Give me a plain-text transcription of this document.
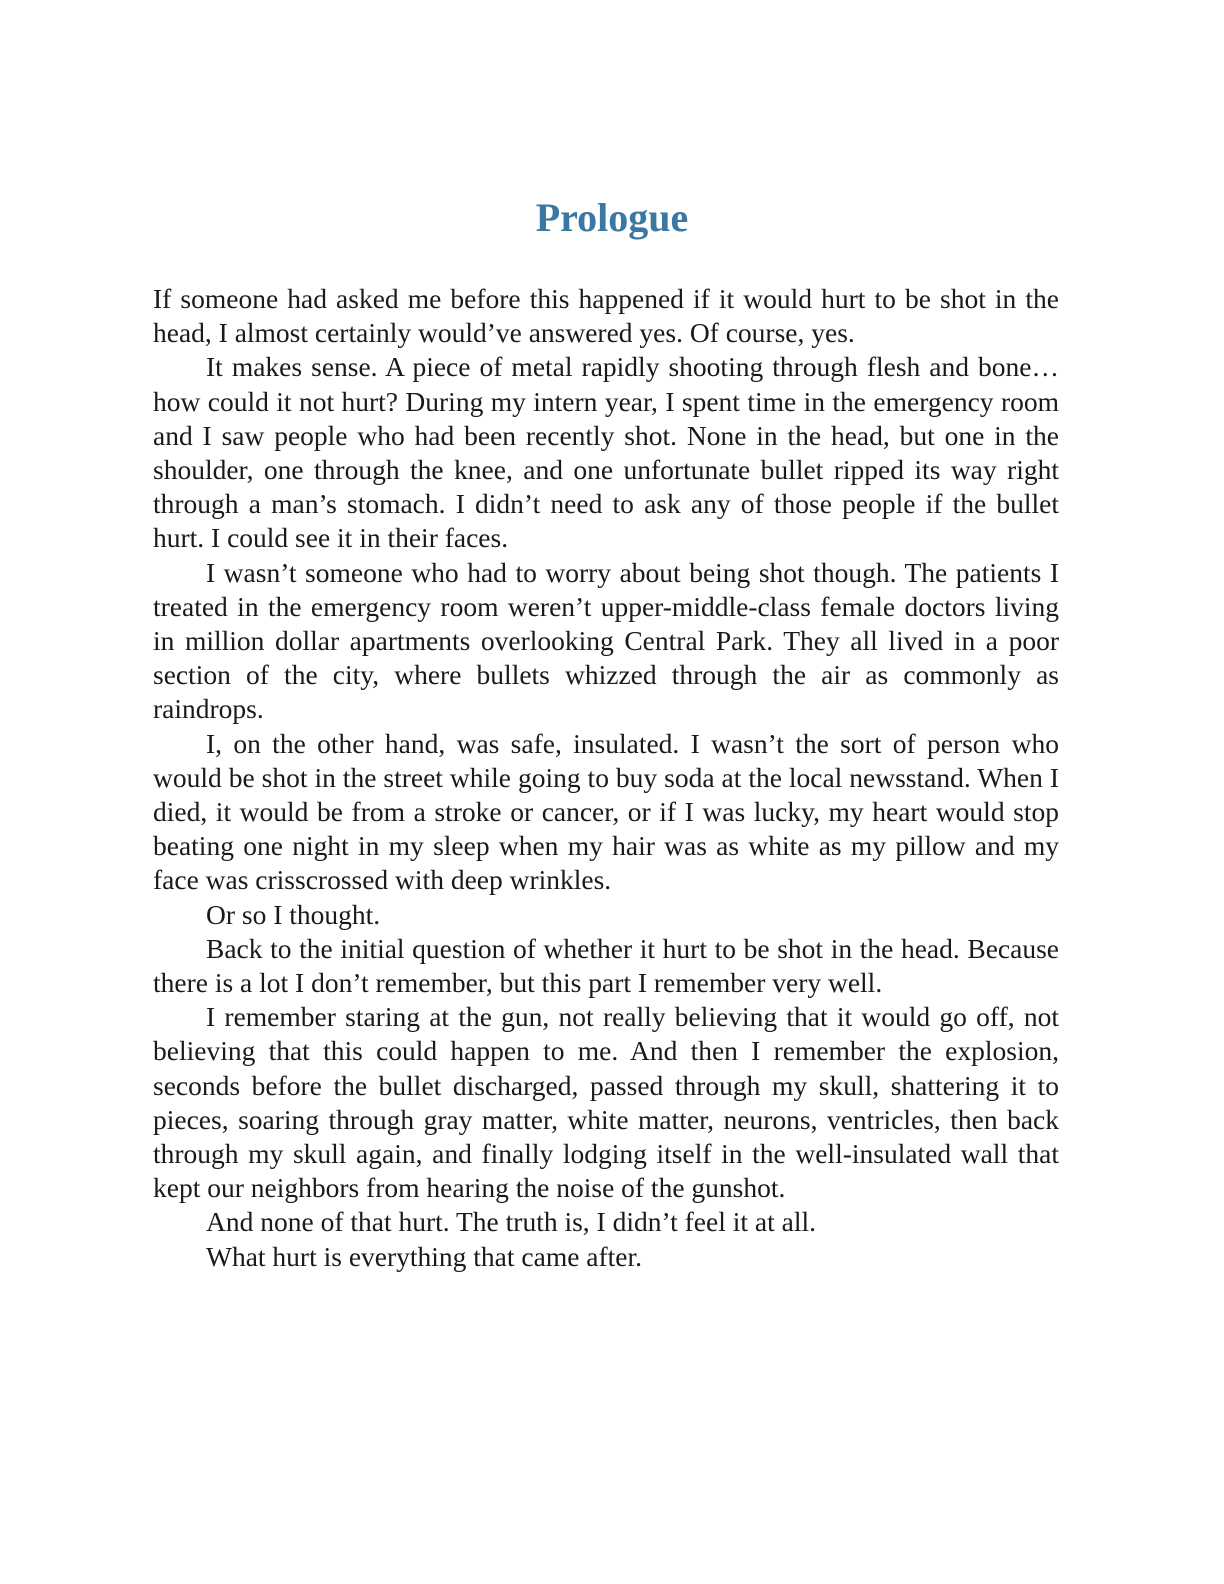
Prologue

If someone had asked me before this happened if it would hurt to be shot in the head, I almost certainly would’ve answered yes. Of course, yes.

It makes sense. A piece of metal rapidly shooting through flesh and bone… how could it not hurt? During my intern year, I spent time in the emergency room and I saw people who had been recently shot. None in the head, but one in the shoulder, one through the knee, and one unfortunate bullet ripped its way right through a man’s stomach. I didn’t need to ask any of those people if the bullet hurt. I could see it in their faces.

I wasn’t someone who had to worry about being shot though. The patients I treated in the emergency room weren’t upper-middle-class female doctors living in million dollar apartments overlooking Central Park. They all lived in a poor section of the city, where bullets whizzed through the air as commonly as raindrops.

I, on the other hand, was safe, insulated. I wasn’t the sort of person who would be shot in the street while going to buy soda at the local newsstand. When I died, it would be from a stroke or cancer, or if I was lucky, my heart would stop beating one night in my sleep when my hair was as white as my pillow and my face was crisscrossed with deep wrinkles.

Or so I thought.

Back to the initial question of whether it hurt to be shot in the head. Because there is a lot I don’t remember, but this part I remember very well.

I remember staring at the gun, not really believing that it would go off, not believing that this could happen to me. And then I remember the explosion, seconds before the bullet discharged, passed through my skull, shattering it to pieces, soaring through gray matter, white matter, neurons, ventricles, then back through my skull again, and finally lodging itself in the well-insulated wall that kept our neighbors from hearing the noise of the gunshot.

And none of that hurt. The truth is, I didn’t feel it at all.

What hurt is everything that came after.
